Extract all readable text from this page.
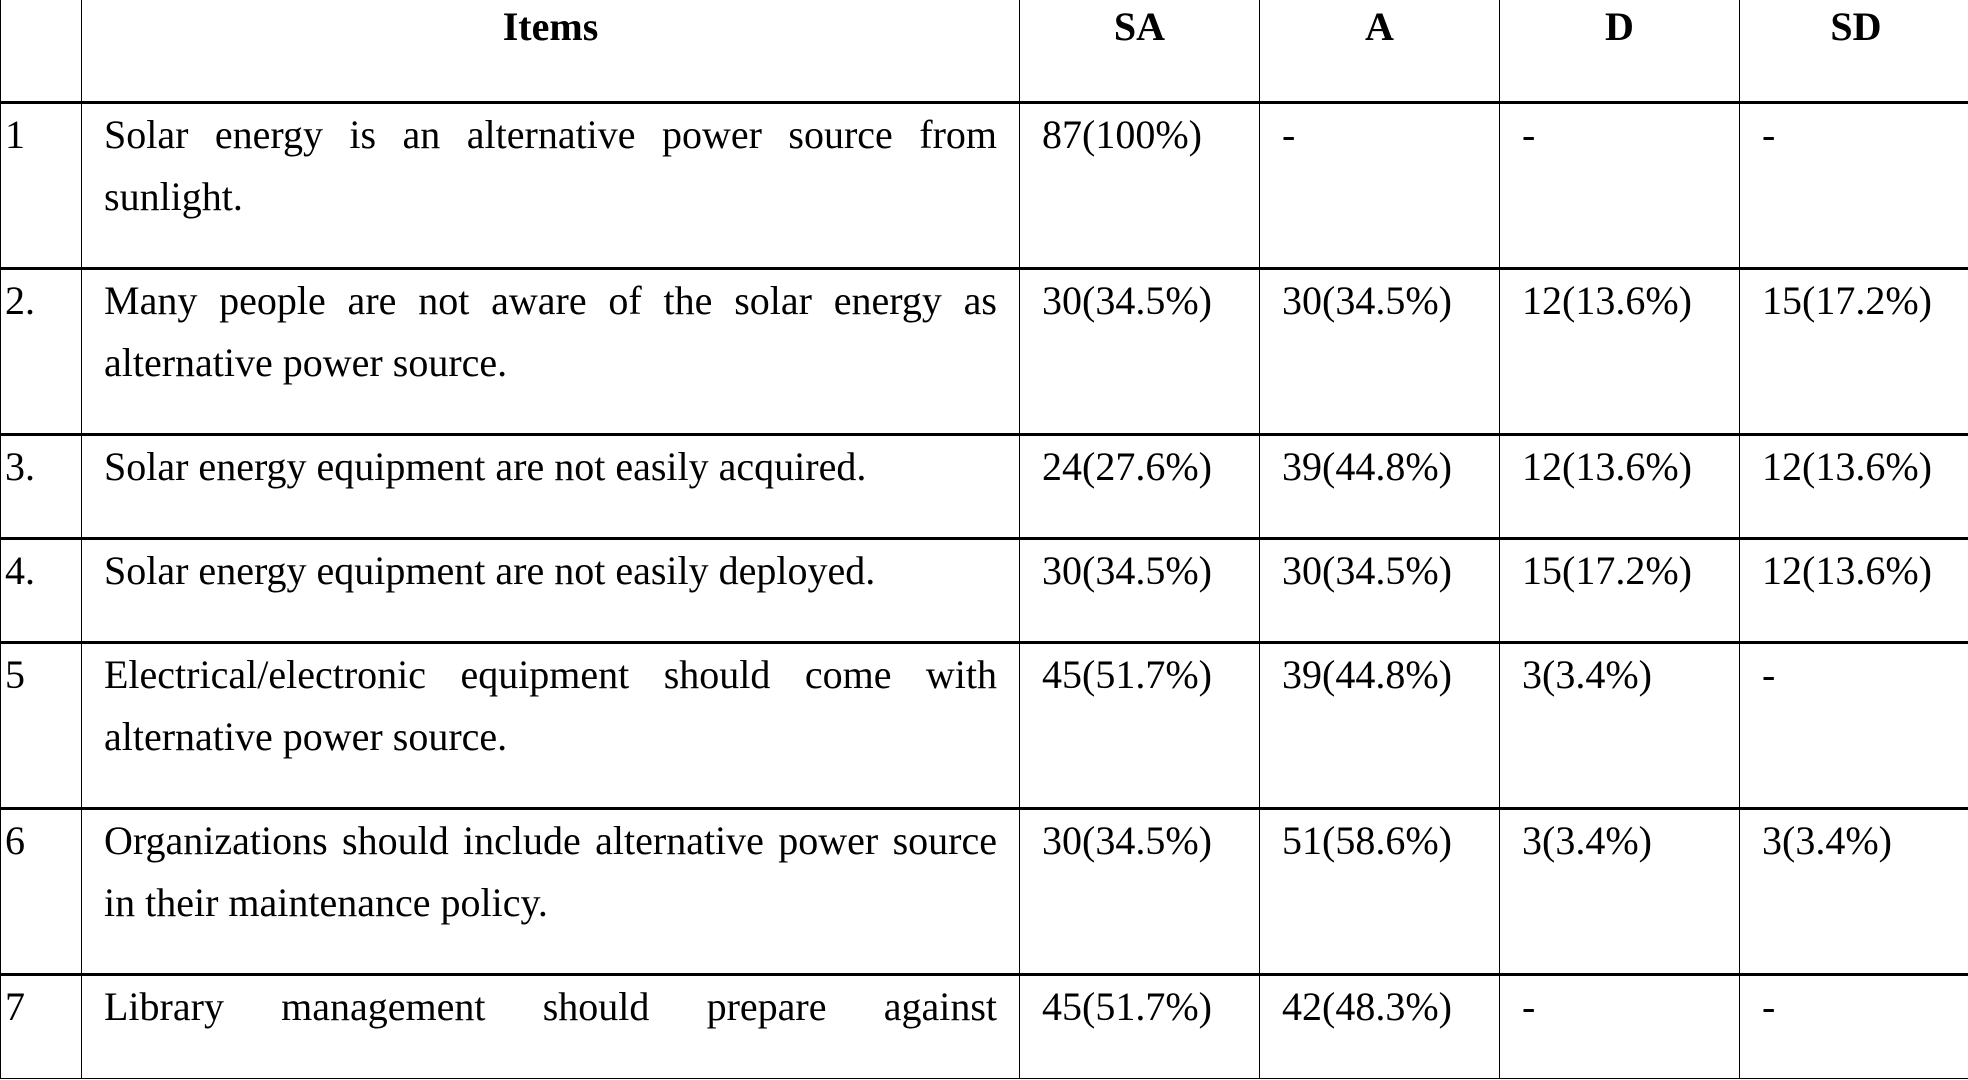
	Items	SA	A	D	SD
1	Solar energy is an alternative power source from sunlight.	87(100%)	-	-	-
2.	Many people are not aware of the solar energy as alternative power source.	30(34.5%)	30(34.5%)	12(13.6%)	15(17.2%)
3.	Solar energy equipment are not easily acquired.	24(27.6%)	39(44.8%)	12(13.6%)	12(13.6%)
4.	Solar energy equipment are not easily deployed.	30(34.5%)	30(34.5%)	15(17.2%)	12(13.6%)
5	Electrical/electronic equipment should come with alternative power source.	45(51.7%)	39(44.8%)	3(3.4%)	-
6	Organizations should include alternative power source in their maintenance policy.	30(34.5%)	51(58.6%)	3(3.4%)	3(3.4%)
7	Library management should prepare against	45(51.7%)	42(48.3%)	-	-
